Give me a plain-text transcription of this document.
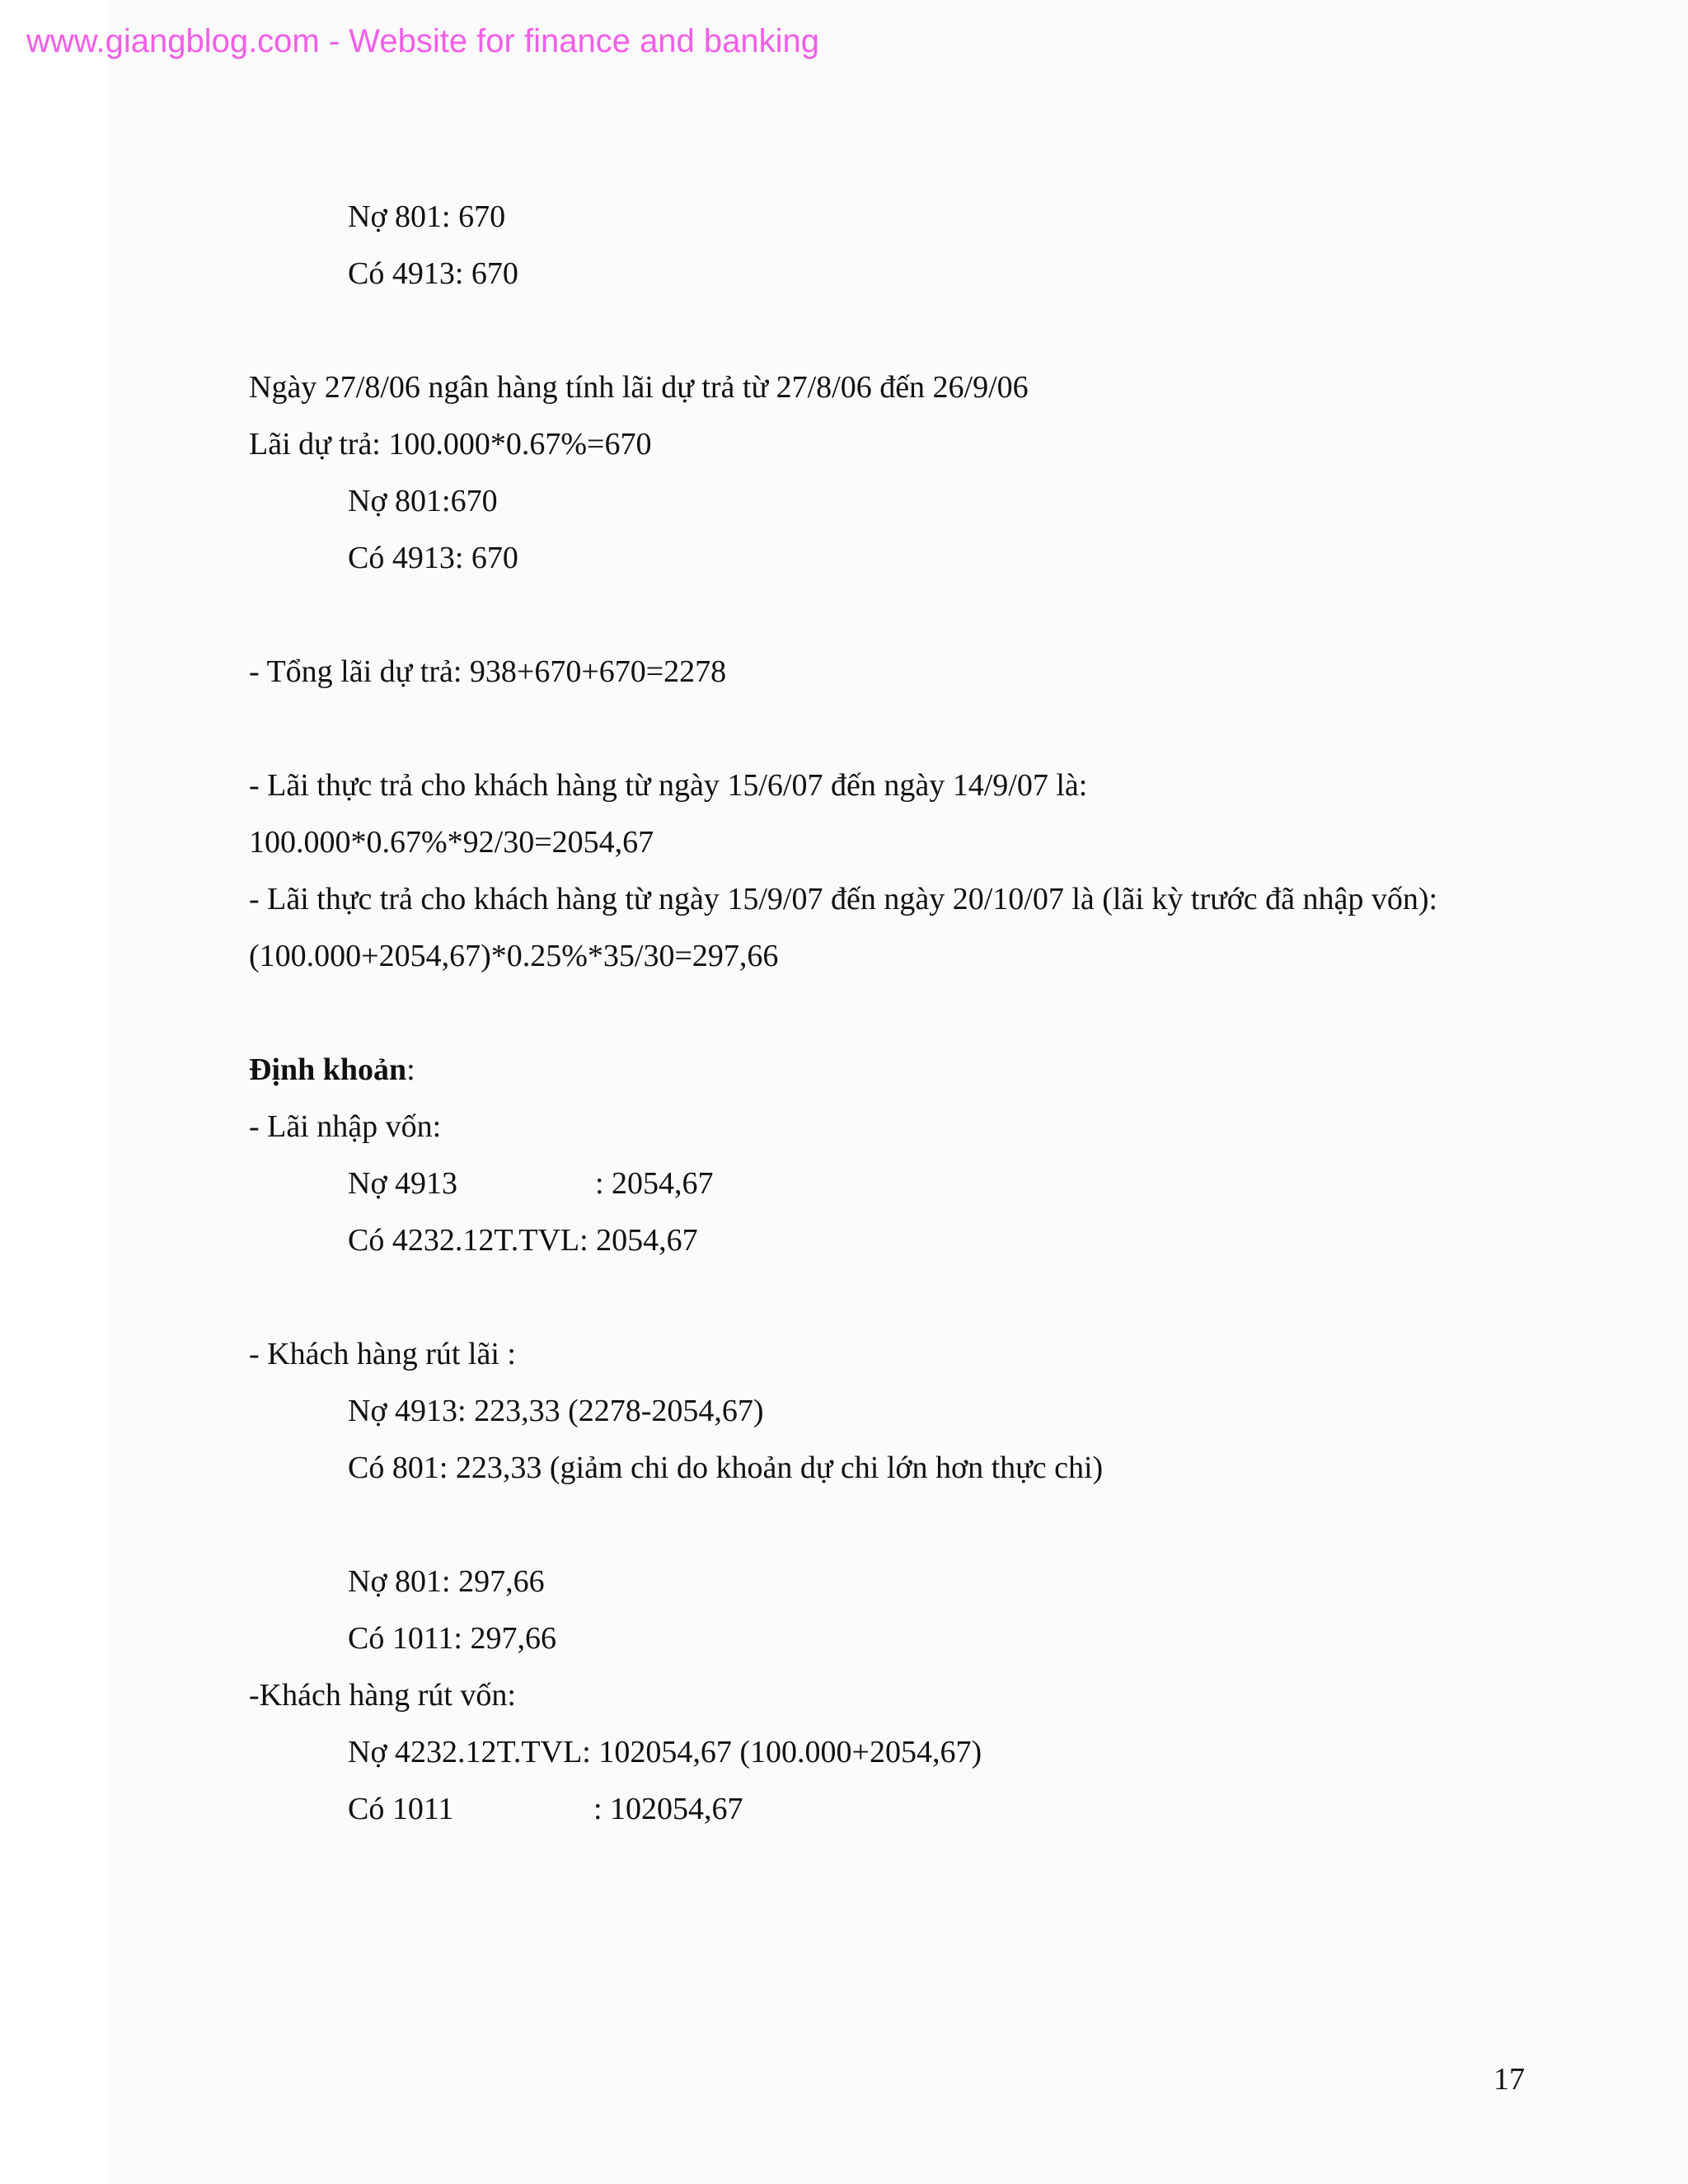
www.giangblog.com - Website for finance and banking
Nợ 801: 670
Có 4913: 670
Ngày 27/8/06 ngân hàng tính lãi dự trả từ 27/8/06 đến 26/9/06
Lãi dự trả: 100.000*0.67%=670
Nợ 801:670
Có 4913: 670
- Tổng lãi dự trả: 938+670+670=2278
- Lãi thực trả cho khách hàng từ ngày 15/6/07 đến ngày 14/9/07 là:
100.000*0.67%*92/30=2054,67
- Lãi thực trả cho khách hàng từ ngày 15/9/07 đến ngày 20/10/07 là (lãi kỳ trước đã nhập vốn):
(100.000+2054,67)*0.25%*35/30=297,66
Định khoản:
- Lãi nhập vốn:
Nợ 4913	: 2054,67
Có 4232.12T.TVL: 2054,67
- Khách hàng rút lãi :
Nợ 4913: 223,33 (2278-2054,67)
Có 801: 223,33 (giảm chi do khoản dự chi lớn hơn thực chi)
Nợ 801: 297,66
Có 1011: 297,66
-Khách hàng rút vốn:
Nợ 4232.12T.TVL: 102054,67 (100.000+2054,67)
Có 1011	: 102054,67
17
